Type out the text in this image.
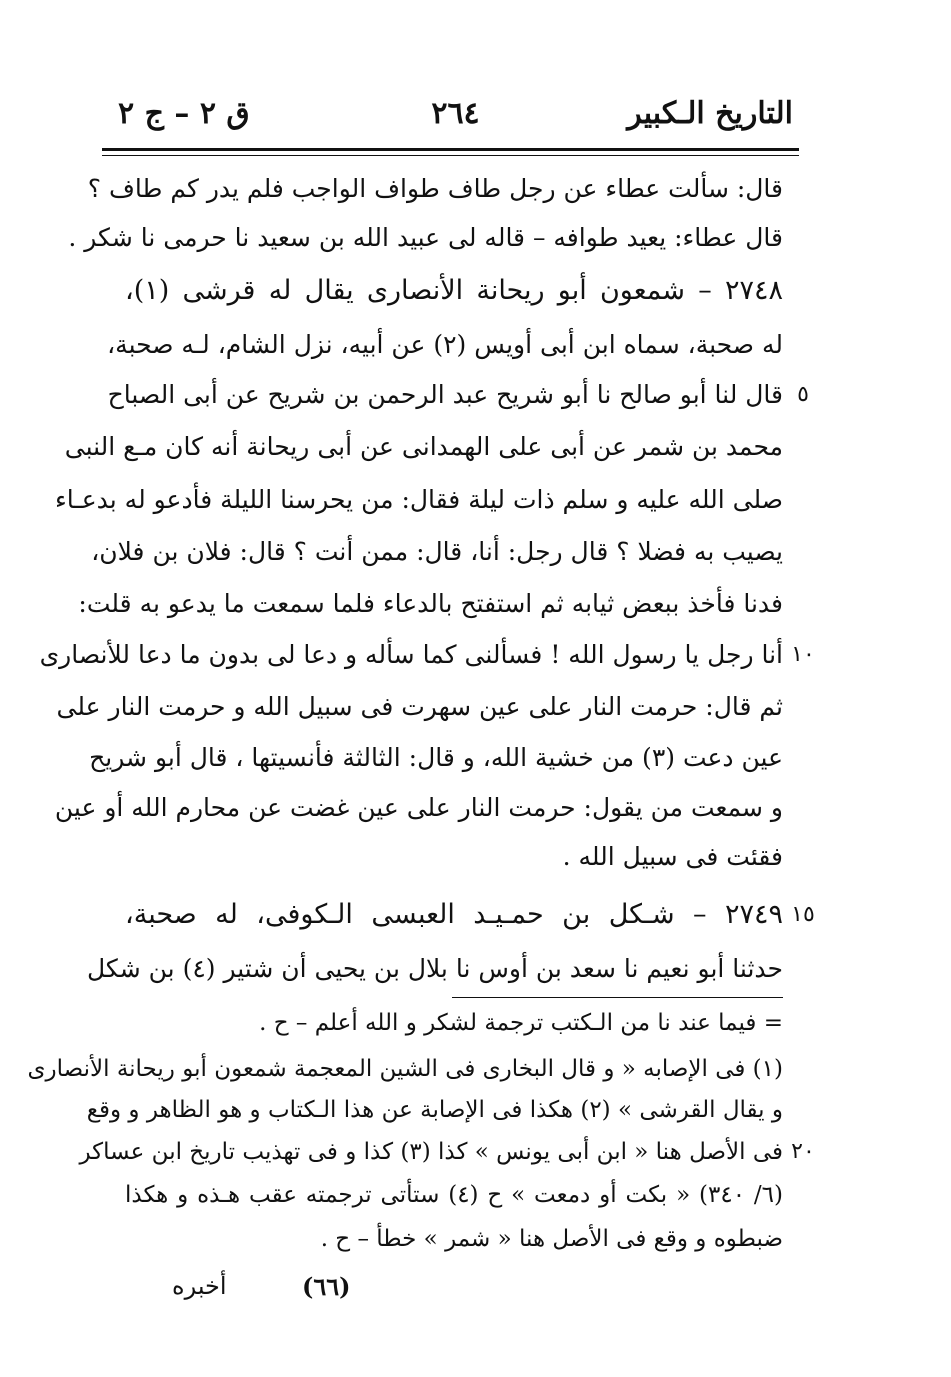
التاريخ الـكبير
٢٦٤
ق ٢ – ج ٢
قال: سألت عطاء عن رجل طاف طواف الواجب فلم يدر كم طاف ؟
قال عطاء: يعيد طوافه – قاله لى عبيد الله بن سعيد نا حرمى نا شكر .
٢٧٤٨ – شمعون أبو ريحانة الأنصارى يقال له قرشى (١)،
له صحبة، سماه ابن أبى أويس (٢) عن أبيه، نزل الشام، لـه صحبة،
قال لنا أبو صالح نا أبو شريح عبد الرحمن بن شريح عن أبى الصباح
محمد بن شمر عن أبى على الهمدانى عن أبى ريحانة أنه كان مـع النبى
صلى الله عليه و سلم ذات ليلة فقال: من يحرسنا الليلة فأدعو له بدعـاء
يصيب به فضلا ؟ قال رجل: أنا، قال: ممن أنت ؟ قال: فلان بن فلان،
فدنا فأخذ ببعض ثيابه ثم استفتح بالدعاء فلما سمعت ما يدعو به قلت:
أنا رجل يا رسول الله ! فسألنى كما سأله و دعا لى بدون ما دعا للأنصارى
ثم قال: حرمت النار على عين سهرت فى سبيل الله و حرمت النار على
عين دعت (٣) من خشية الله، و قال: الثالثة فأنسيتها ، قال أبو شريح
و سمعت من يقول: حرمت النار على عين غضت عن محارم الله أو عين
فقئت فى سبيل الله .
٢٧٤٩ – شـكل بن حمـيـد العبسى الـكوفى، له صحبة،
حدثنا أبو نعيم نا سعد بن أوس نا بلال بن يحيى أن شتير (٤) بن شكل
٥
١٠
١٥
٢٠
= فيما عند نا من الـكتب ترجمة لشكر و الله أعلم – ح .
(١) فى الإصابه « و قال البخارى فى الشين المعجمة شمعون أبو ريحانة الأنصارى
و يقال القرشى » (٢) هكذا فى الإصابة عن هذا الـكتاب و هو الظاهر و وقع
فى الأصل هنا « ابن أبى يونس » كذا (٣) كذا و فى تهذيب تاريخ ابن عساكر
(٦/ ٣٤٠) « بكت أو دمعت » ح (٤) ستأتى ترجمته عقب هـذه و هكذا
ضبطوه و وقع فى الأصل هنا « شمر » خطأ – ح .
(٦٦)
أخبره
